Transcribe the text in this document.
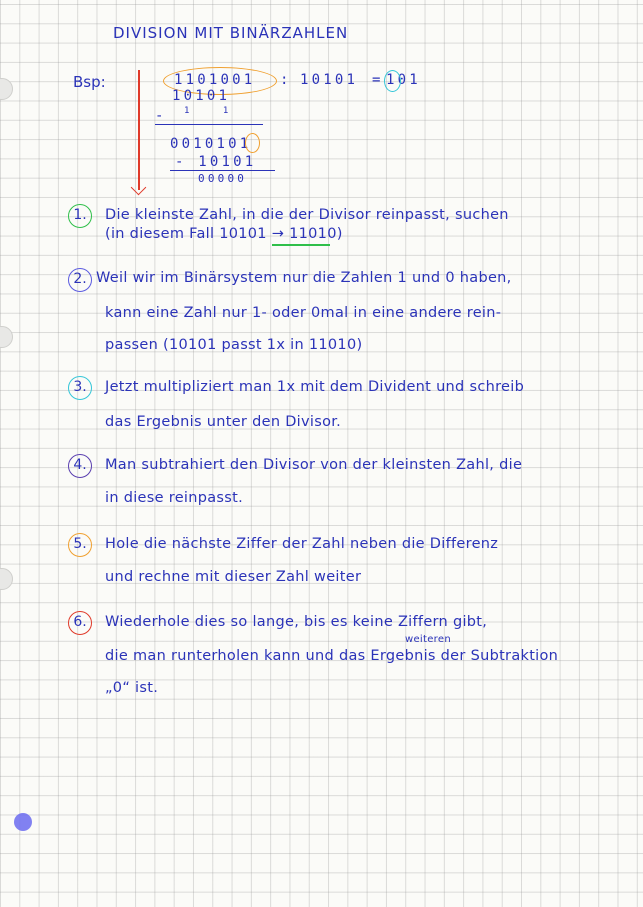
DIVISION MIT BINÄRZAHLEN
Bsp:	1101001 : 10101 = 101
10101
1 1
-
0010101
- 10101
00000
1.	Die kleinste Zahl, in die der Divisor reinpasst, suchen
(in diesem Fall 10101 → 11010)
2. Weil wir im Binärsystem nur die Zahlen 1 und 0 haben,
kann eine Zahl nur 1- oder 0mal in eine andere rein-
passen (10101 passt 1x in 11010)
3.	Jetzt multipliziert man 1x mit dem Divident und schreib
das Ergebnis unter den Divisor.
4.	Man subtrahiert den Divisor von der kleinsten Zahl, die
in diese reinpasst.
5.	Hole die nächste Ziffer der Zahl neben die Differenz
und rechne mit dieser Zahl weiter
6.	Wiederhole dies so lange, bis es keine Ziffern gibt,
weiteren
die man runterholen kann und das Ergebnis der Subtraktion
„0“ ist.
